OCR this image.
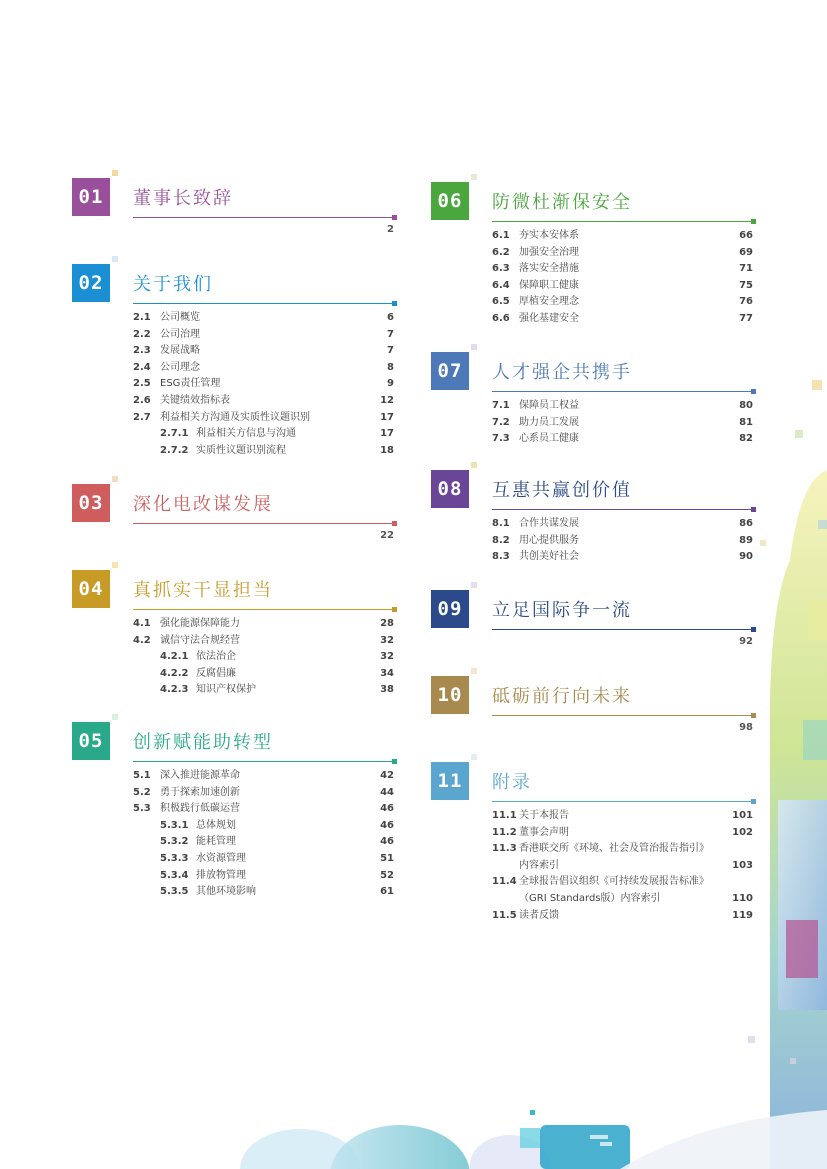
01	董事长致辞
2
02	关于我们
2.1 公司概览	6
2.2 公司治理	7
2.3 发展战略	7
2.4 公司理念	8
2.5 ESG责任管理	9
2.6 关键绩效指标表	12
2.7 利益相关方沟通及实质性议题识别	17
2.7.1 利益相关方信息与沟通	17
2.7.2 实质性议题识别流程	18
03	深化电改谋发展
22
04	真抓实干显担当
4.1 强化能源保障能力	28
4.2 诚信守法合规经营	32
4.2.1 依法治企	32
4.2.2 反腐倡廉	34
4.2.3 知识产权保护	38
05	创新赋能助转型
5.1 深入推进能源革命	42
5.2 勇于探索加速创新	44
5.3 积极践行低碳运营	46
5.3.1 总体规划	46
5.3.2 能耗管理	46
5.3.3 水资源管理	51
5.3.4 排放物管理	52
5.3.5 其他环境影响	61
06	防微杜渐保安全
6.1 夯实本安体系	66
6.2 加强安全治理	69
6.3 落实安全措施	71
6.4 保障职工健康	75
6.5 厚植安全理念	76
6.6 强化基建安全	77
07	人才强企共携手
7.1 保障员工权益	80
7.2 助力员工发展	81
7.3 心系员工健康	82
08	互惠共赢创价值
8.1 合作共谋发展	86
8.2 用心提供服务	89
8.3 共创美好社会	90
09	立足国际争一流
92
10	砥砺前行向未来
98
11	附录
11.1 关于本报告	101
11.2 董事会声明	102
11.3 香港联交所《环境、社会及管治报告指引》
内容索引	103
11.4 全球报告倡议组织《可持续发展报告标准》
（GRI Standards版）内容索引	110
11.5 读者反馈	119
